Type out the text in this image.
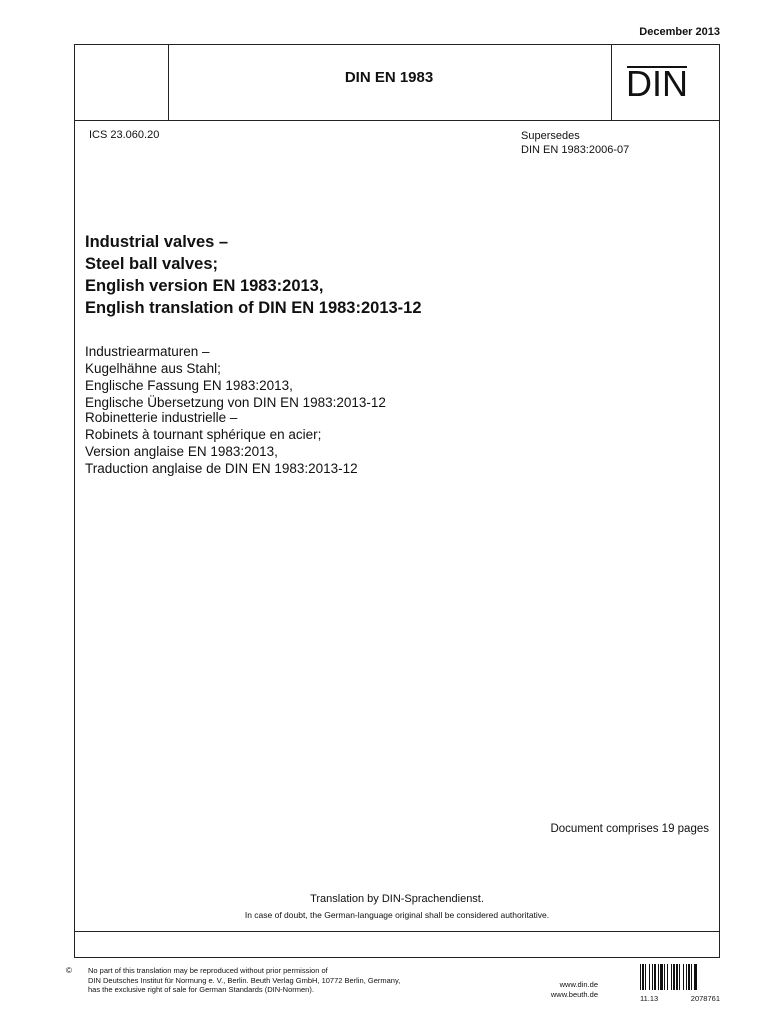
December 2013
DIN EN 1983	DIN
ICS 23.060.20	Supersedes
DIN EN 1983:2006-07
Industrial valves –
Steel ball valves;
English version EN 1983:2013,
English translation of DIN EN 1983:2013-12
Industriearmaturen –
Kugelhähne aus Stahl;
Englische Fassung EN 1983:2013,
Englische Übersetzung von DIN EN 1983:2013-12
Robinetterie industrielle –
Robinets à tournant sphérique en acier;
Version anglaise EN 1983:2013,
Traduction anglaise de DIN EN 1983:2013-12
Document comprises 19 pages
Translation by DIN-Sprachendienst.
In case of doubt, the German-language original shall be considered authoritative.
© No part of this translation may be reproduced without prior permission of
DIN Deutsches Institut für Normung e. V., Berlin. Beuth Verlag GmbH, 10772 Berlin, Germany,
has the exclusive right of sale for German Standards (DIN-Normen).
www.din.de
www.beuth.de	11.13	2078761
